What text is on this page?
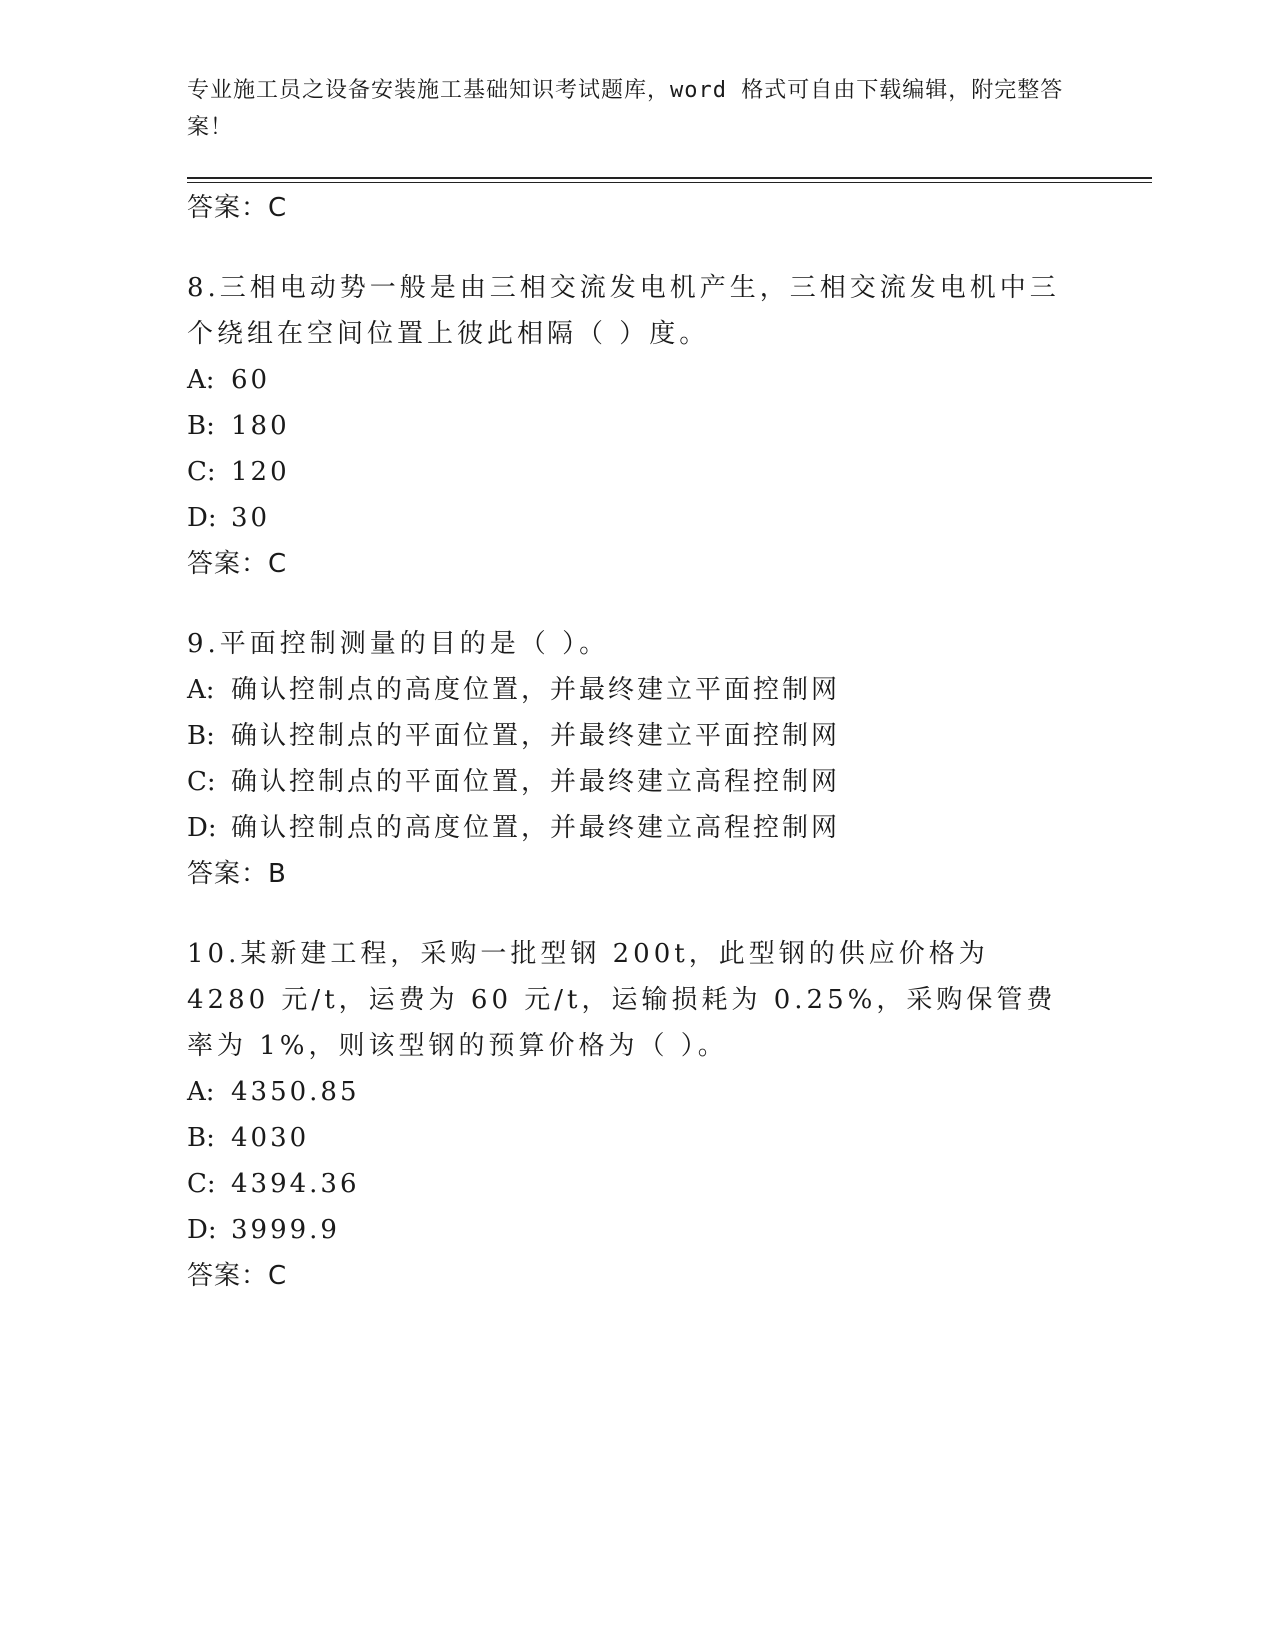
专业施工员之设备安装施工基础知识考试题库，word 格式可自由下载编辑，附完整答案！
答案：C
8.三相电动势一般是由三相交流发电机产生，三相交流发电机中三个绕组在空间位置上彼此相隔（ ）度。
A: 60
B: 180
C: 120
D: 30
答案：C
9.平面控制测量的目的是（ ）。
A: 确认控制点的高度位置，并最终建立平面控制网
B: 确认控制点的平面位置，并最终建立平面控制网
C: 确认控制点的平面位置，并最终建立高程控制网
D: 确认控制点的高度位置，并最终建立高程控制网
答案：B
10.某新建工程，采购一批型钢 200t，此型钢的供应价格为 4280 元/t，运费为 60 元/t，运输损耗为 0.25%，采购保管费率为 1%，则该型钢的预算价格为（ ）。
A: 4350.85
B: 4030
C: 4394.36
D: 3999.9
答案：C
